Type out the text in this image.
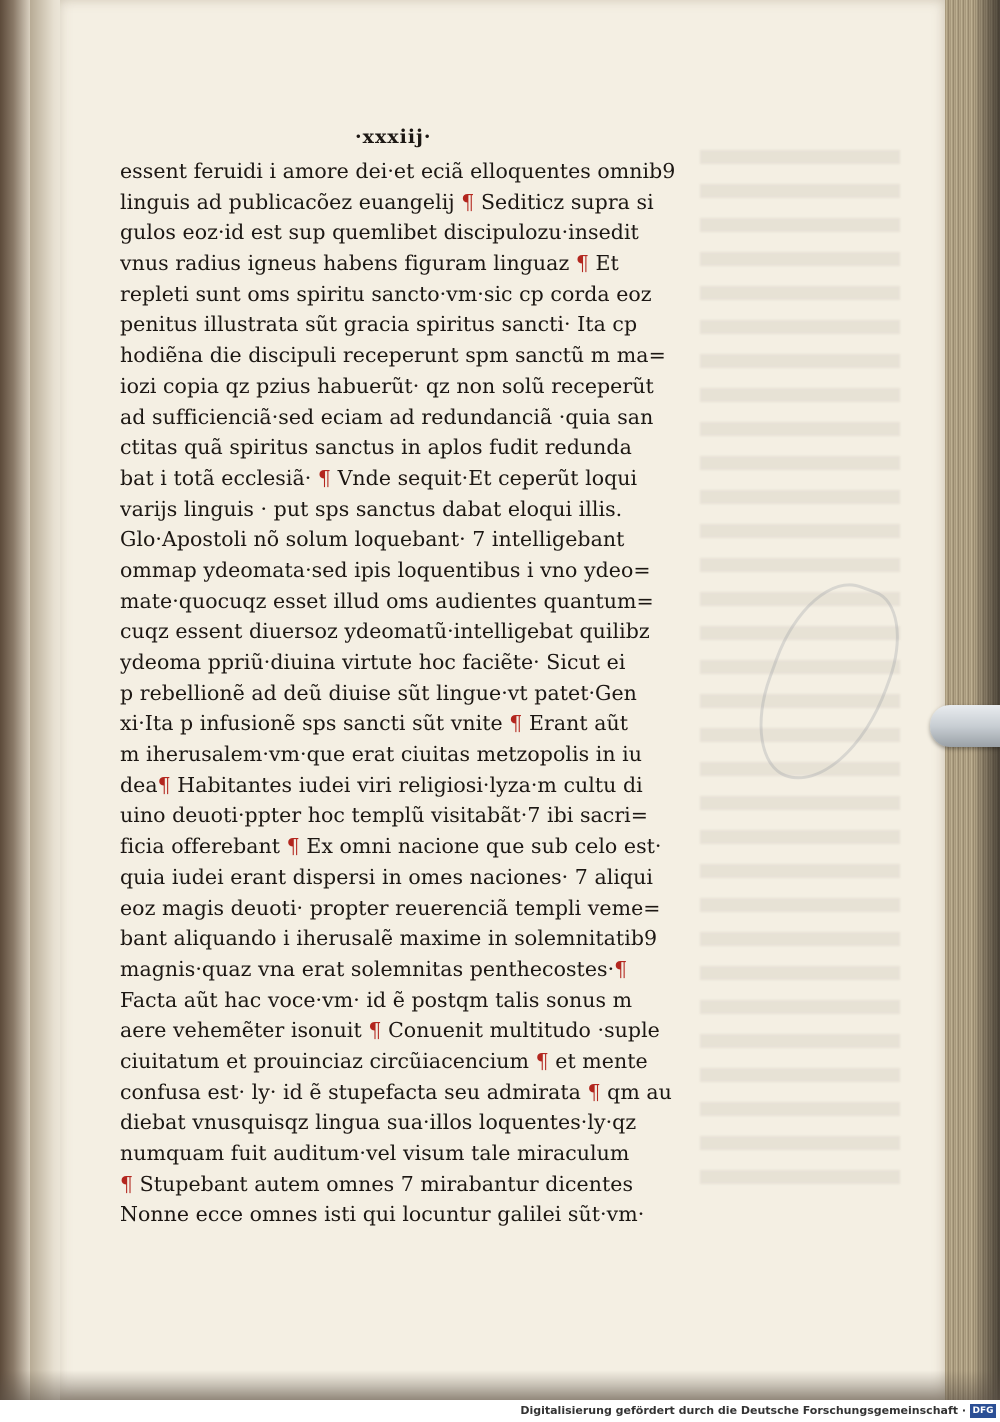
·xxxiij·
essent feruidi i amore dei·et eciã elloquentes omnib9
linguis ad publicacõez euangelij ¶ Sediticz supra si
gulos eoz·id est sup quemlibet discipulozu·insedit
vnus radius igneus habens figuram linguaz ¶ Et
repleti sunt oms spiritu sancto·vm·sic cp corda eoz
penitus illustrata sũt gracia spiritus sancti· Ita cp
hodiẽna die discipuli receperunt spm sanctũ m ma=
iozi copia qz pzius habuerũt· qz non solũ receperũt
ad sufficienciã·sed eciam ad redundanciã ·quia san
ctitas quã spiritus sanctus in aplos fudit redunda
bat i totã ecclesiã· ¶ Vnde sequit·Et ceperũt loqui
varijs linguis · put sps sanctus dabat eloqui illis.
Glo·Apostoli nõ solum loquebant· 7 intelligebant
ommap ydeomata·sed ipis loquentibus i vno ydeo=
mate·quocuqz esset illud oms audientes quantum=
cuqz essent diuersoz ydeomatũ·intelligebat quilibz
ydeoma ppriũ·diuina virtute hoc faciẽte· Sicut ei
p rebellionẽ ad deũ diuise sũt lingue·vt patet·Gen
xi·Ita p infusionẽ sps sancti sũt vnite ¶ Erant aũt
m iherusalem·vm·que erat ciuitas metzopolis in iu
dea¶ Habitantes iudei viri religiosi·lyza·m cultu di
uino deuoti·ppter hoc templũ visitabãt·7 ibi sacri=
ficia offerebant ¶ Ex omni nacione que sub celo est·
quia iudei erant dispersi in omes naciones· 7 aliqui
eoz magis deuoti· propter reuerenciã templi veme=
bant aliquando i iherusalẽ maxime in solemnitatib9
magnis·quaz vna erat solemnitas penthecostes·¶
Facta aũt hac voce·vm· id ẽ postqm talis sonus m
aere vehemẽter isonuit ¶ Conuenit multitudo ·suple
ciuitatum et prouinciaz circũiacencium ¶ et mente
confusa est· ly· id ẽ stupefacta seu admirata ¶ qm au
diebat vnusquisqz lingua sua·illos loquentes·ly·qz
numquam fuit auditum·vel visum tale miraculum
¶ Stupebant autem omnes 7 mirabantur dicentes
Nonne ecce omnes isti qui locuntur galilei sũt·vm·
Digitalisierung gefördert durch die Deutsche Forschungsgemeinschaft · DFG
